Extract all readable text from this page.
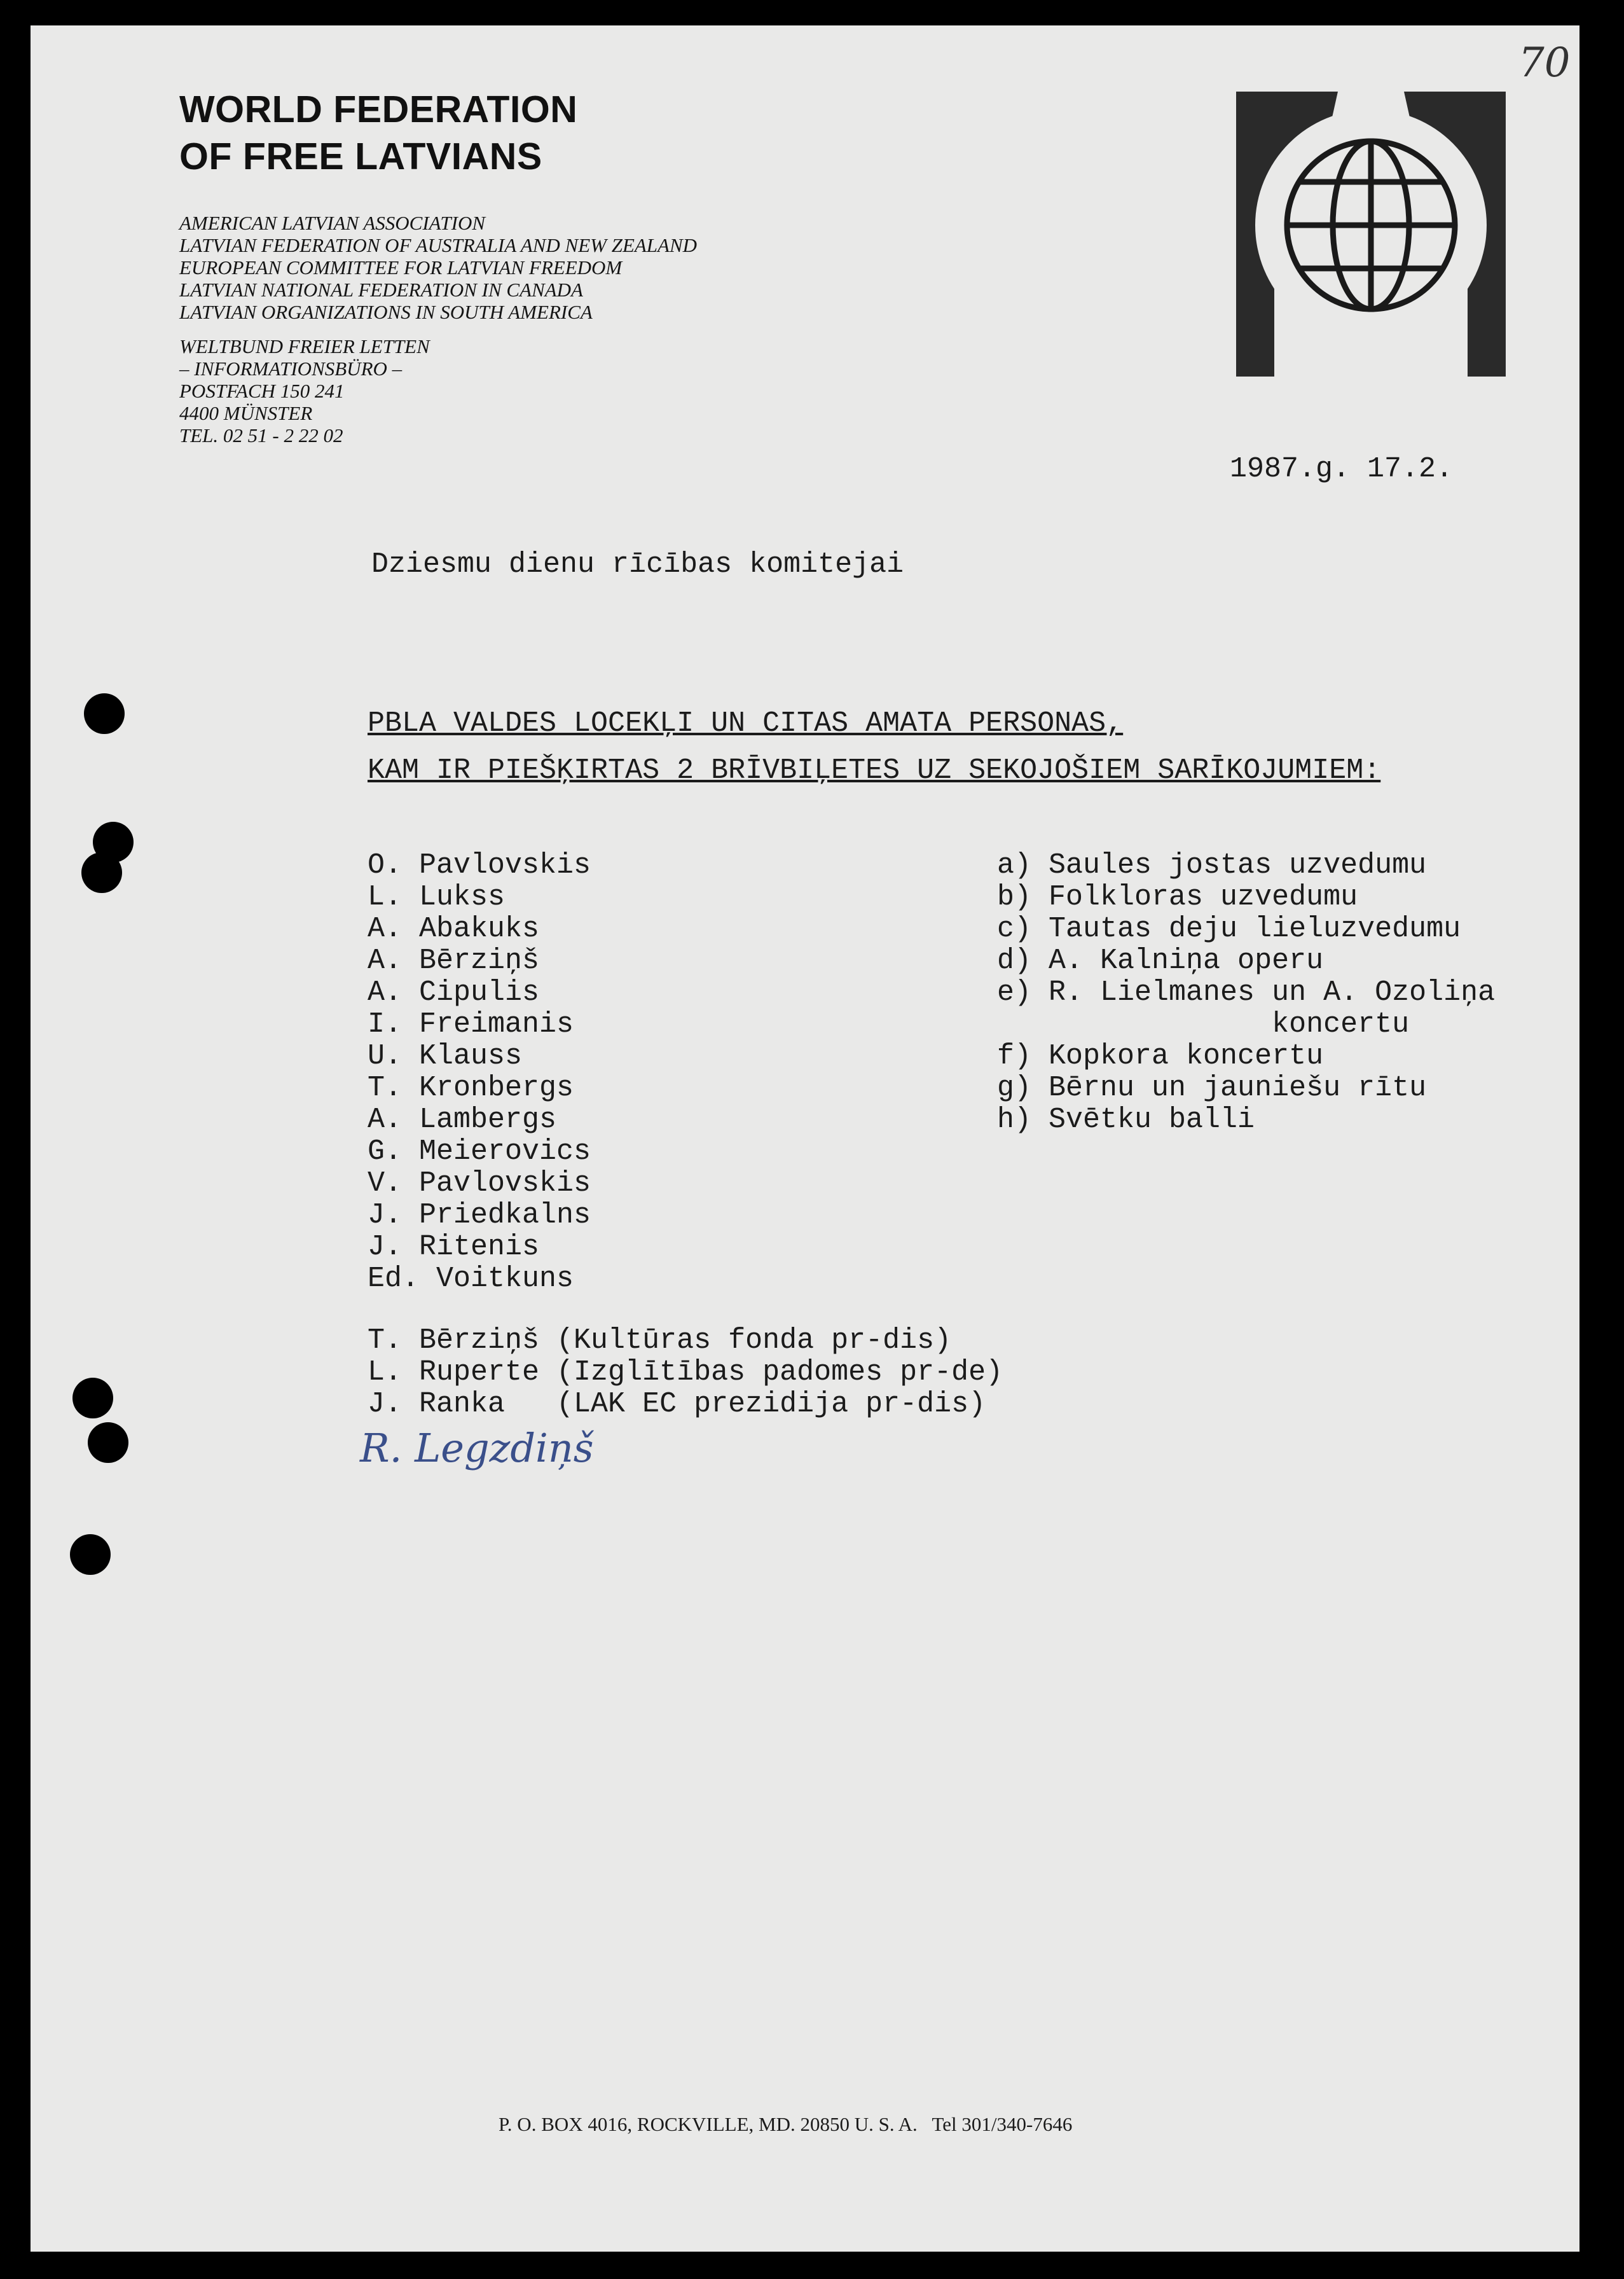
WORLD FEDERATION
OF FREE LATVIANS
AMERICAN LATVIAN ASSOCIATION
LATVIAN FEDERATION OF AUSTRALIA AND NEW ZEALAND
EUROPEAN COMMITTEE FOR LATVIAN FREEDOM
LATVIAN NATIONAL FEDERATION IN CANADA
LATVIAN ORGANIZATIONS IN SOUTH AMERICA
WELTBUND FREIER LETTEN
– INFORMATIONSBÜRO –
POSTFACH 150 241
4400 MÜNSTER
TEL. 02 51 - 2 22 02
70
1987.g. 17.2.
Dziesmu dienu rīcības komitejai
PBLA VALDES LOCEKĻI UN CITAS AMATA PERSONAS,
KAM IR PIEŠĶIRTAS 2 BRĪVBIĻETES UZ SEKOJOŠIEM SARĪKOJUMIEM:
O. Pavlovskis
L. Lukss
A. Abakuks
A. Bērziņš
A. Cipulis
I. Freimanis
U. Klauss
T. Kronbergs
A. Lambergs
G. Meierovics
V. Pavlovskis
J. Priedkalns
J. Ritenis
Ed. Voitkuns
a) Saules jostas uzvedumu
b) Folkloras uzvedumu
c) Tautas deju lieluzvedumu
d) A. Kalniņa operu
e) R. Lielmanes un A. Ozoliņa
koncertu
f) Kopkora koncertu
g) Bērnu un jauniešu rītu
h) Svētku balli
T. Bērziņš (Kultūras fonda pr-dis)
L. Ruperte (Izglītības padomes pr-de)
J. Ranka   (LAK EC prezidija pr-dis)
R. Legzdiņš
P. O. BOX 4016, ROCKVILLE, MD. 20850 U. S. A.   Tel 301/340-7646
